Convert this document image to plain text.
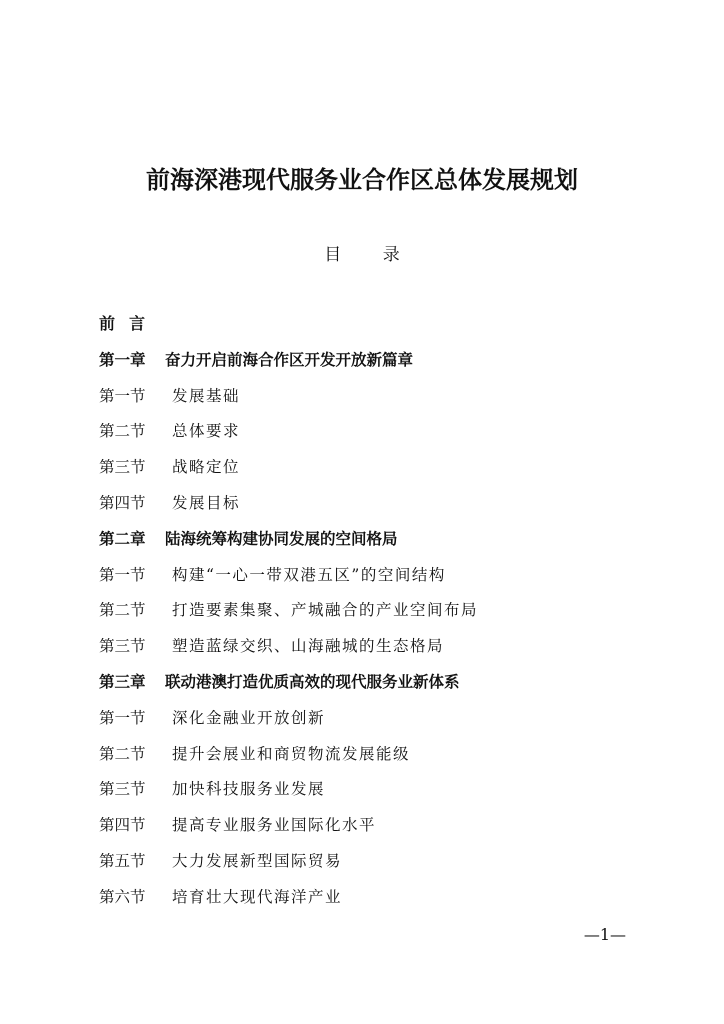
前海深港现代服务业合作区总体发展规划
目 录
前言
第一章	奋力开启前海合作区开发开放新篇章
第一节	发展基础
第二节	总体要求
第三节	战略定位
第四节	发展目标
第二章	陆海统筹构建协同发展的空间格局
第一节	构建“一心一带双港五区”的空间结构
第二节	打造要素集聚、产城融合的产业空间布局
第三节	塑造蓝绿交织、山海融城的生态格局
第三章	联动港澳打造优质高效的现代服务业新体系
第一节	深化金融业开放创新
第二节	提升会展业和商贸物流发展能级
第三节	加快科技服务业发展
第四节	提高专业服务业国际化水平
第五节	大力发展新型国际贸易
第六节	培育壮大现代海洋产业
—1—
